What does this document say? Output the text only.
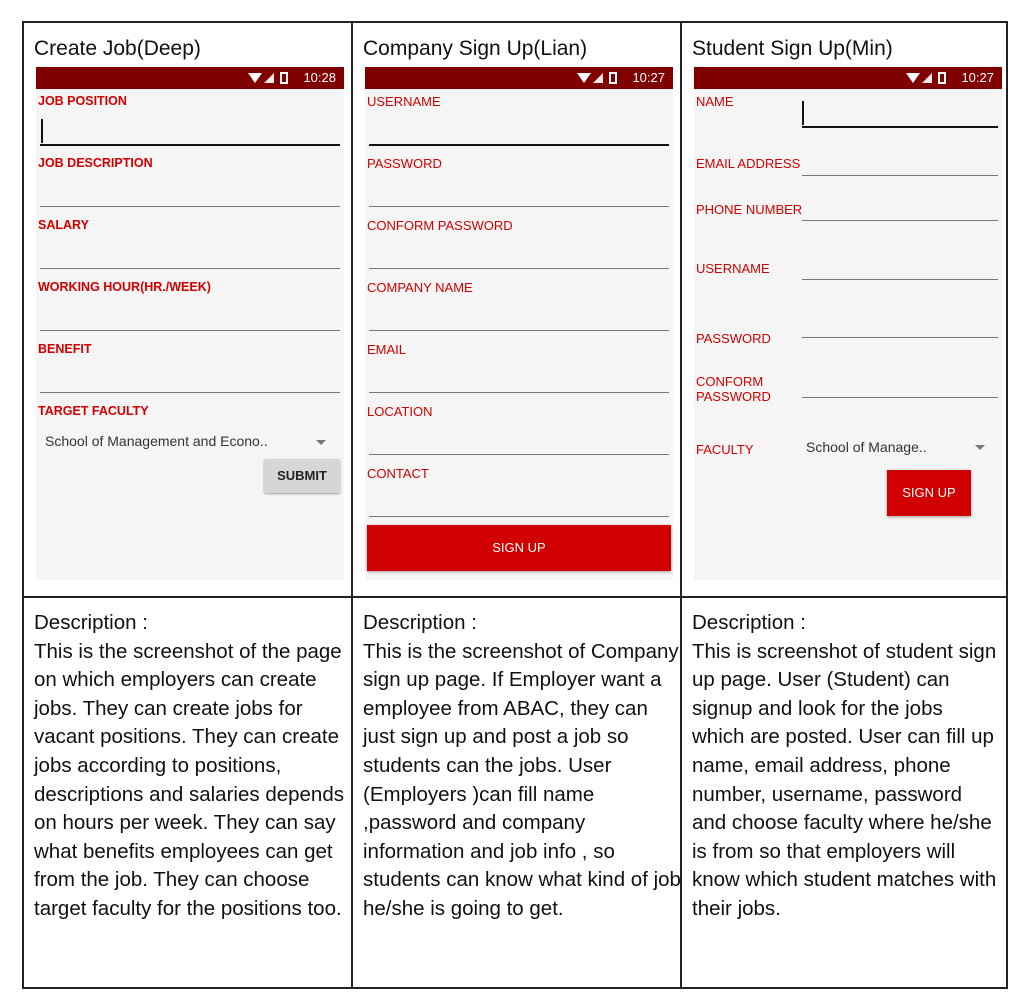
Create Job(Deep)
10:28
JOB POSITION
JOB DESCRIPTION
SALARY
WORKING HOUR(HR./WEEK)
BENEFIT
TARGET FACULTY
School of Management and Econo..
SUBMIT

Description :

This is the screenshot of the page on which employers can create jobs. They can create jobs for vacant positions. They can create jobs according to positions, descriptions and salaries depends on hours per week. They can say what benefits employees can get from the job. They can choose target faculty for the positions too.

Company Sign Up(Lian)
10:27
USERNAME
PASSWORD
CONFORM PASSWORD
COMPANY NAME
EMAIL
LOCATION
CONTACT
SIGN UP

Description :

This is the screenshot of Company sign up page. If Employer want a employee from ABAC, they can just sign up and post a job so students can the jobs. User (Employers )can fill name ,password and company information and job info , so students can know what kind of job he/she is going to get.

Student Sign Up(Min)
10:27
NAME
EMAIL ADDRESS
PHONE NUMBER
USERNAME
PASSWORD
CONFORM
PASSWORD
FACULTY	School of Manage..
SIGN UP

Description :

This is screenshot of student sign up page. User (Student) can signup and look for the jobs which are posted. User can fill up name, email address, phone number, username, password and choose faculty where he/she is from so that employers will know which student matches with their jobs.
